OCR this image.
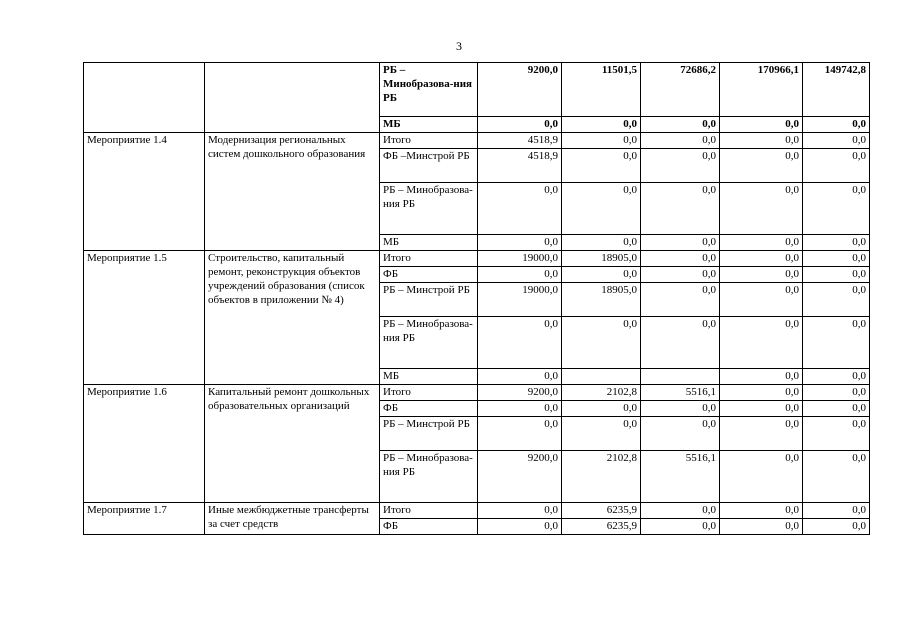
3
		РБ – Минобразова-ния РБ	9200,0	11501,5	72686,2	170966,1	149742,8
		МБ	0,0	0,0	0,0	0,0	0,0
Мероприятие 1.4	Модернизация региональных систем дошкольного образования	Итого	4518,9	0,0	0,0	0,0	0,0
		ФБ –Минстрой РБ	4518,9	0,0	0,0	0,0	0,0
		РБ – Минобразова-ния РБ	0,0	0,0	0,0	0,0	0,0
		МБ	0,0	0,0	0,0	0,0	0,0
Мероприятие 1.5	Строительство, капитальный ремонт, реконструкция объектов учреждений образования (список объектов в приложении № 4)	Итого	19000,0	18905,0	0,0	0,0	0,0
		ФБ	0,0	0,0	0,0	0,0	0,0
		РБ – Минстрой РБ	19000,0	18905,0	0,0	0,0	0,0
		РБ – Минобразова-ния РБ	0,0	0,0	0,0	0,0	0,0
		МБ	0,0			0,0	0,0
Мероприятие 1.6	Капитальный ремонт дошкольных образовательных организаций	Итого	9200,0	2102,8	5516,1	0,0	0,0
		ФБ	0,0	0,0	0,0	0,0	0,0
		РБ – Минстрой РБ	0,0	0,0	0,0	0,0	0,0
		РБ – Минобразова-ния РБ	9200,0	2102,8	5516,1	0,0	0,0
Мероприятие 1.7	Иные межбюджетные трансферты за счет средств	Итого	0,0	6235,9	0,0	0,0	0,0
		ФБ	0,0	6235,9	0,0	0,0	0,0
